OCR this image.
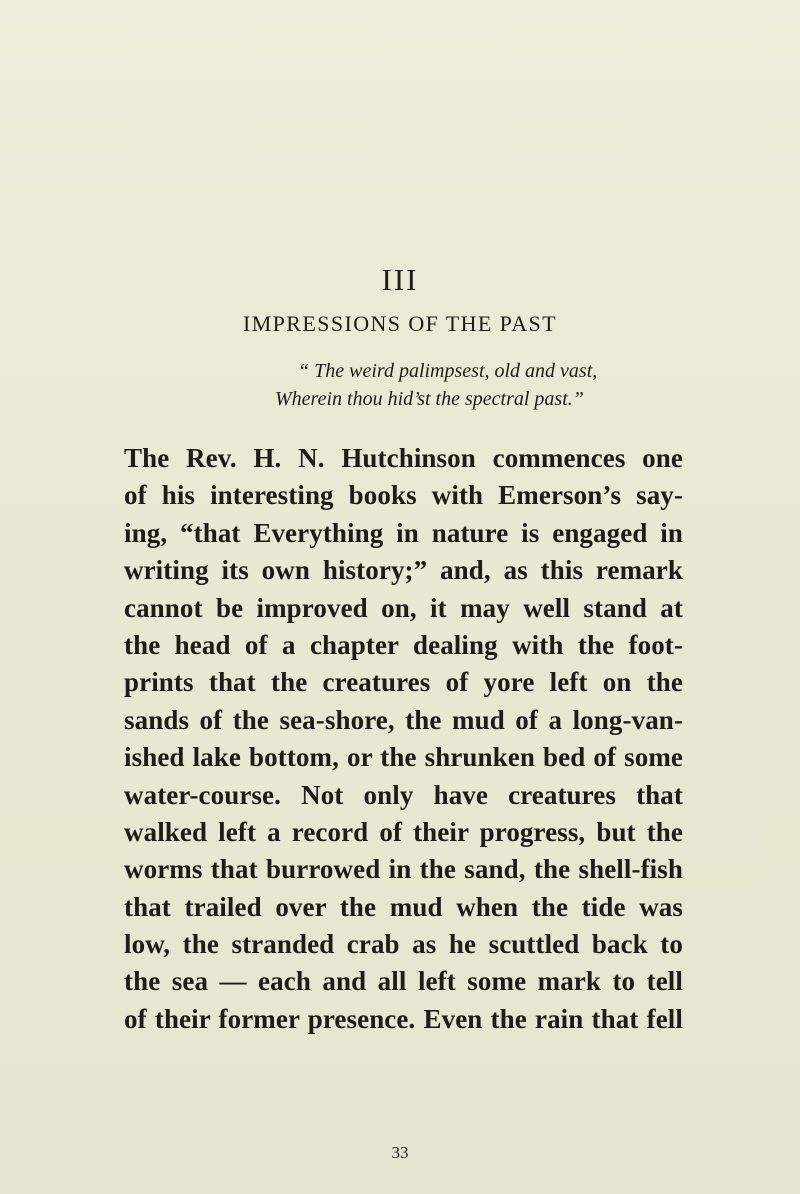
III
IMPRESSIONS OF THE PAST
“ The weird palimpsest, old and vast,
Wherein thou hid’st the spectral past.”
The Rev. H. N. Hutchinson commences one
of his interesting books with Emerson’s say-
ing, “that Everything in nature is engaged in
writing its own history;” and, as this remark
cannot be improved on, it may well stand at
the head of a chapter dealing with the foot-
prints that the creatures of yore left on the
sands of the sea-shore, the mud of a long-van-
ished lake bottom, or the shrunken bed of some
water-course. Not only have creatures that
walked left a record of their progress, but the
worms that burrowed in the sand, the shell-fish
that trailed over the mud when the tide was
low, the stranded crab as he scuttled back to
the sea — each and all left some mark to tell
of their former presence. Even the rain that fell
33
